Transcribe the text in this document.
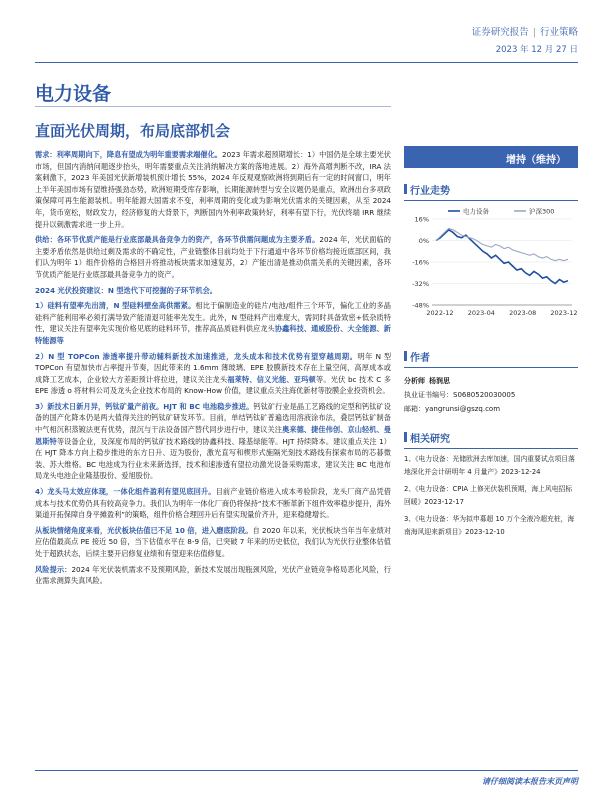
证券研究报告 | 行业策略
2023 年 12 月 27 日
电力设备
直面光伏周期，布局底部机会

需求：利率周期向下，降息有望成为明年重要需求端催化。2023 年需求超预期增长：1）中国仍是全球主要光伏市场，但国内消纳问题逐步抬头，明年需要重点关注消纳解决方案的落地进展。2）海外高增判断不改，IRA 法案刺激下，2023 年美国光伏新增装机预计增长 55%，2024 年反观观察欧洲将到期后有一定的时间窗口，明年上半年美国市场有望维持强劲态势，欧洲短期受库存影响，长期能源转型与安全议题仍是重点，欧洲出台多项政策保障可再生能源装机。明年能源大国需求不变，利率周期的变化或为影响光伏需求的关键因素，从至 2024 年，货币宽松，财政发力，经济修复的大背景下，判断国内外利率政策转好，利率有望下行，光伏终端 IRR 继续提升以刺激需求进一步上升。

供给：各环节优质产能是行业底部最具备竞争力的资产，各环节供需问题成为主要矛盾。2024 年，光伏面临的主要矛盾依然是供给过剩及需求的不确定性，产业链整体目前均处于下行通道中各环节价格均接近底部区间，我们认为明年 1）组件价格的合格回升将推动板块需求加速复苏，2）产能出清是推动供需关系的关键因素，各环节优质产能是行业底部最具备竞争力的资产。

2024 光伏投资建议：N 型迭代下可挖掘的子环节机会。

1）硅料有望率先出清，N 型硅料壁垒高供需紧。相比于偏制造业的硅片/电池/组件三个环节，偏化工业的多晶硅料产能利用率必须打满导致产能清退可能率先发生。此外，N 型硅料产出难度大，需同时具备致密+低杂质特性，建议关注有望率先实现价格见底的硅料环节，推荐高品质硅料供应龙头协鑫科技、通威股份、大全能源、新特能源等

2）N 型 TOPCon 渗透率提升带动辅料新技术加速推进，龙头成本和技术优势有望穿越周期。明年 N 型 TOPCon 有望加快市占率提升节奏，因此带来的 1.6mm 薄玻璃、EPE 胶膜新技术存在上量空间，高厚成本或成降工艺成本，企业较大方差距预计将拉进，建议关注龙头福莱特、信义光能、亚玛顿等。光伏 bc 技术 C 多 EPE 渗透 o 将材料公司及龙头企业技术布局的 Know-How 价值，建议重点关注海优新材等胶膜企业投资机会。

3）新技术日新月异，钙钛矿量产前夜。HJT 和 BC 电池稳步推进。钙钛矿行业是晶工艺路线的定型和钙钛矿设备的国产化降本仍是两大值得关注的钙钛矿研发环节。目前，单结钙钛矿普遍选用溶液涂布法，叠层钙钛矿制备中气相沉积蒸镀法更有优势，混沉与干法设备国产替代同步进行中，建议关注奥来德、捷佳伟创、京山轻机、曼恩斯特等设备企业，及深度布局的钙钛矿技术路线的协鑫科技、隆基绿能等。HJT 持续降本。建议重点关注 1）在 HJT 降本方向上稳步推进的东方日升、迈为股份，激光直写和楔形式施隔光刻技术路线有探索布局的芯碁微装、苏大维格。BC 电池成为行业未来新选择，技术和速渗透有望拉动激光设备采购需求，建议关注 BC 电池布局龙头电池企业隆基股份、爱旭股份。

4）龙头马太效应体现，一体化组件盈利有望见底回升。目前产业链价格进入成本考验阶段，龙头厂商产品凭借成本与技术优势仍具有较高竞争力。我们认为明年一体化厂商仍将保持“技术不断革新下组件效率稳步提升，海外渠道开拓保障自身平摊盈利”的策略，组件价格合理回升后有望实现量价齐升，迎来稳健增长。

从板块情绪角度来看，光伏板块估值已不足 10 倍，进入磨底阶段。自 2020 年以来，光伏板块当年当年业绩对应估值最高点 PE 接近 50 倍，当下估值水平在 8-9 倍，已突破 7 年来的历史低位，我们认为光伏行业整体估值处于超跌状态，后续主要开启修复业绩和有望迎来估值修复。

风险提示：2024 年光伏装机需求不及预期风险，新技术发展出现瓶颈风险，光伏产业链竞争格局恶化风险，行业需求测算失真风险。

增持（维持）
行业走势
16%
0%
-16%
-32%
-48%
2022-12 2023-04 2023-08 2023-12
电力设备	沪深300
作者
分析师 杨润思
执业证书编号：S0680520030005
邮箱：yangrunsi@gszq.com
相关研究
1、《电力设备：光储欧洲去库加速，国内重要试点项目落地深化并会计研明年 4 月量产》2023-12-24
2、《电力设备：CPIA 上修光伏装机预期，海上风电招标回暖》2023-12-17
3、《电力设备：华为拟申募超 10 万个全液冷超充桩，海南海风迎来新项目》2023-12-10
请仔细阅读本报告末页声明
